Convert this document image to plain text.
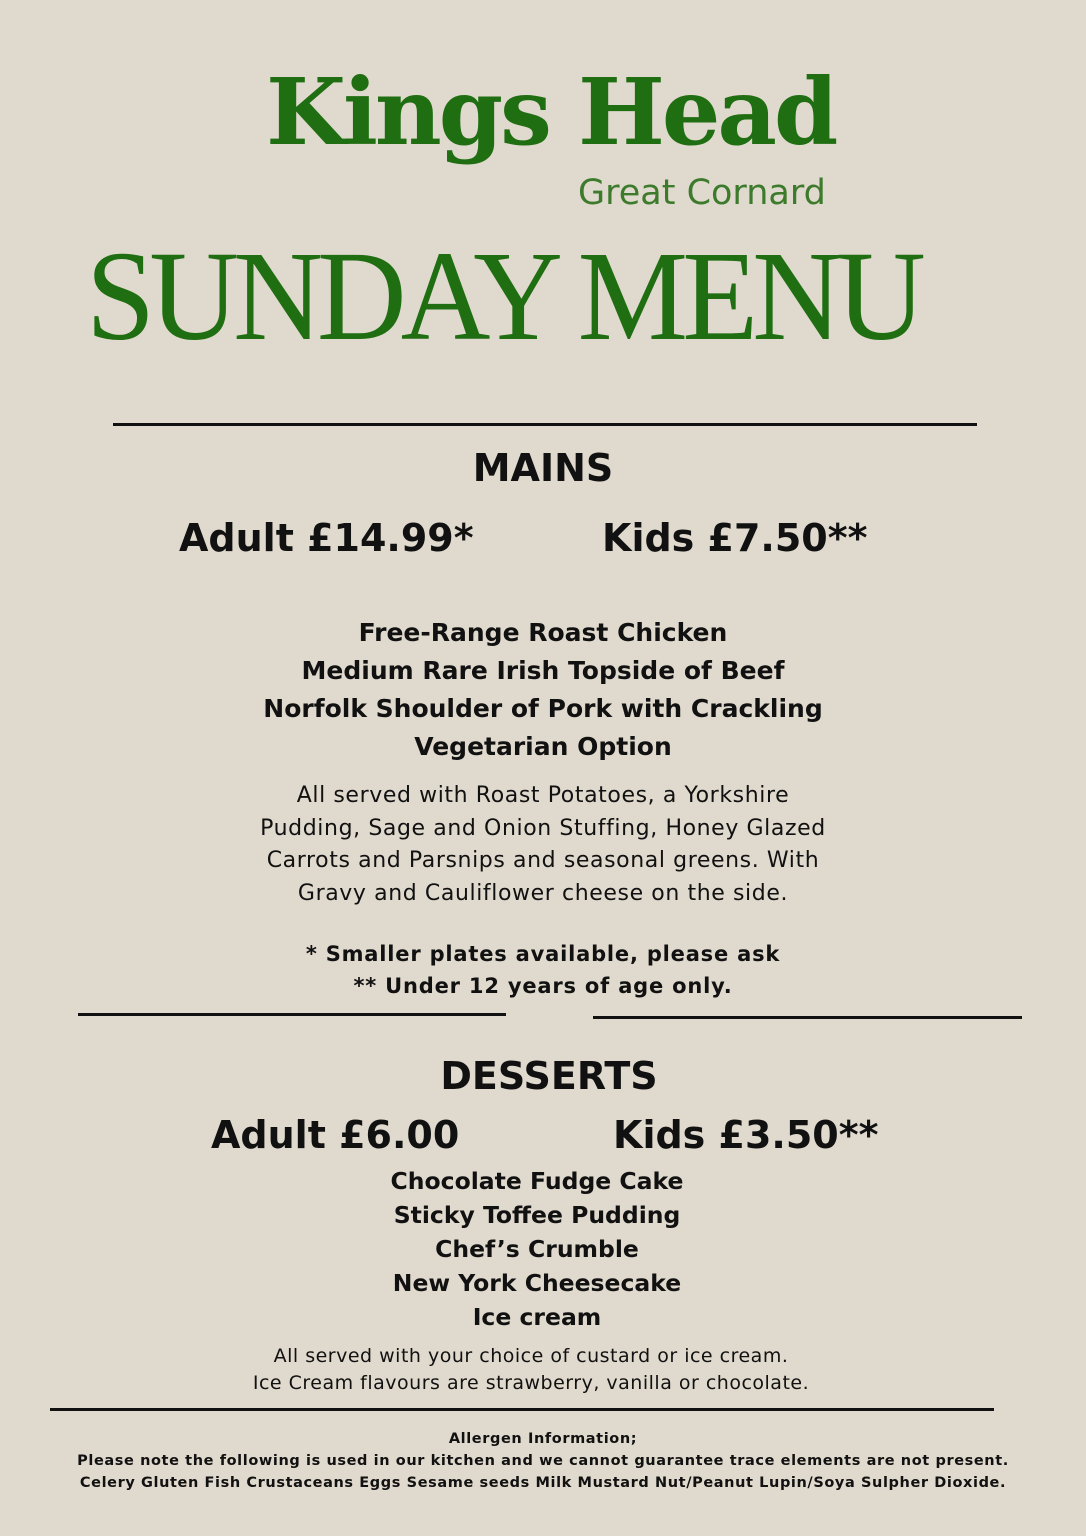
Kings Head
Great Cornard
SUNDAY MENU
MAINS
Adult £14.99*	Kids £7.50**
Free-Range Roast Chicken
Medium Rare Irish Topside of Beef
Norfolk Shoulder of Pork with Crackling
Vegetarian Option
All served with Roast Potatoes, a Yorkshire
Pudding, Sage and Onion Stuffing, Honey Glazed
Carrots and Parsnips and seasonal greens. With
Gravy and Cauliflower cheese on the side.
* Smaller plates available, please ask
** Under 12 years of age only.
DESSERTS
Adult £6.00	Kids £3.50**
Chocolate Fudge Cake
Sticky Toffee Pudding
Chef’s Crumble
New York Cheesecake
Ice cream
All served with your choice of custard or ice cream.
Ice Cream flavours are strawberry, vanilla or chocolate.
Allergen Information;
Please note the following is used in our kitchen and we cannot guarantee trace elements are not present.
Celery Gluten Fish Crustaceans Eggs Sesame seeds Milk Mustard Nut/Peanut Lupin/Soya Sulpher Dioxide.
